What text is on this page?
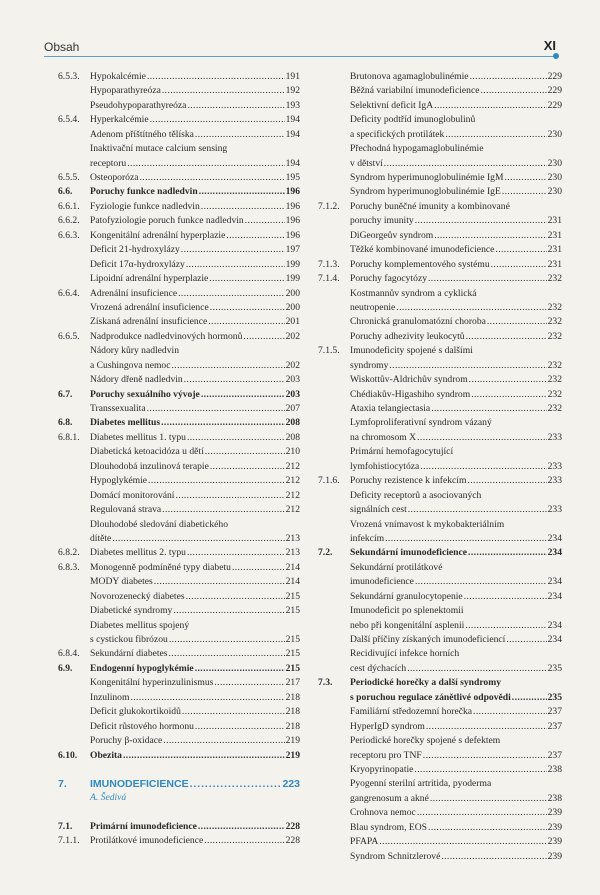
Obsah	XI
6.5.3.	Hypokalcémie . . .	191
Hypoparathyreóza . . .	192
Pseudohypoparathyreóza . . .	193
6.5.4.	Hyperkalcémie . . .	194
Adenom příštítného tělíska . . .	194
Inaktivační mutace calcium sensing
receptoru . . .	194
6.5.5.	Osteoporóza . . .	195
6.6.	Poruchy funkce nadledvin . . .	196
6.6.1.	Fyziologie funkce nadledvin . . .	196
6.6.2.	Patofyziologie poruch funkce nadledvin . . .	196
6.6.3.	Kongenitální adrenální hyperplazie . . .	196
Deficit 21-hydroxylázy . . .	197
Deficit 17α-hydroxylázy . . .	199
Lipoidní adrenální hyperplazie . . .	199
6.6.4.	Adrenální insuficience . . .	200
Vrozená adrenální insuficience . . .	200
Získaná adrenální insuficience . . .	201
6.6.5.	Nadprodukce nadledvinových hormonů . . .	202
Nádory kůry nadledvin
a Cushingova nemoc . . .	202
Nádory dřeně nadledvin . . .	203
6.7.	Poruchy sexuálního vývoje . . .	203
Transsexualita . . .	207
6.8.	Diabetes mellitus . . .	208
6.8.1.	Diabetes mellitus 1. typu . . .	208
Diabetická ketoacidóza u dětí . . .	210
Dlouhodobá inzulinová terapie . . .	212
Hypoglykémie . . .	212
Domácí monitorování . . .	212
Regulovaná strava . . .	212
Dlouhodobé sledování diabetického
dítěte . . .	213
6.8.2.	Diabetes mellitus 2. typu . . .	213
6.8.3.	Monogenně podmíněné typy diabetu . . .	214
MODY diabetes . . .	214
Novorozenecký diabetes . . .	215
Diabetické syndromy . . .	215
Diabetes mellitus spojený
s cystickou fibrózou . . .	215
6.8.4.	Sekundární diabetes . . .	215
6.9.	Endogenní hypoglykémie . . .	215
Kongenitální hyperinzulinismus . . .	217
Inzulinom . . .	218
Deficit glukokortikoidů . . .	218
Deficit růstového hormonu . . .	218
Poruchy β-oxidace . . .	219
6.10.	Obezita . . .	219
7.	IMUNODEFICIENCE . . .	223
A. Šedivá
7.1.	Primární imunodeficience . . .	228
7.1.1.	Protilátkové imunodeficience . . .	228
Brutonova agamaglobulinémie . . .	229
Běžná variabilní imunodeficience . . .	229
Selektivní deficit IgA . . .	229
Deficity podtříd imunoglobulinů
a specifických protilátek . . .	230
Přechodná hypogamaglobulinémie
v dětství . . .	230
Syndrom hyperimunoglobulinémie IgM . . .	230
Syndrom hyperimunoglobulinémie IgE . . .	230
7.1.2.	Poruchy buněčné imunity a kombinované
poruchy imunity . . .	231
DiGeorgeův syndrom . . .	231
Těžké kombinované imunodeficience . . .	231
7.1.3.	Poruchy komplementového systému . . .	231
7.1.4.	Poruchy fagocytózy . . .	232
Kostmannův syndrom a cyklická
neutropenie . . .	232
Chronická granulomatózní choroba . . .	232
Poruchy adhezivity leukocytů . . .	232
7.1.5.	Imunodeficity spojené s dalšími
syndromy . . .	232
Wiskottův-Aldrichův syndrom . . .	232
Chédiakův-Higashiho syndrom . . .	232
Ataxia telangiectasia . . .	232
Lymfoproliferativní syndrom vázaný
na chromosom X . . .	233
Primární hemofagocytující
lymfohistiocytóza . . .	233
7.1.6.	Poruchy rezistence k infekcím . . .	233
Deficity receptorů a asociovaných
signálních cest . . .	233
Vrozená vnímavost k mykobakteriálním
infekcím . . .	234
7.2.	Sekundární imunodeficience . . .	234
Sekundární protilátkové
imunodeficience . . .	234
Sekundární granulocytopenie . . .	234
Imunodeficit po splenektomii
nebo při kongenitální asplenii . . .	234
Další příčiny získaných imunodeficiencí . . .	234
Recidivující infekce horních
cest dýchacích . . .	235
7.3.	Periodické horečky a další syndromy
s poruchou regulace zánětlivé odpovědi . . .	235
Familiární středozemní horečka . . .	237
HyperIgD syndrom . . .	237
Periodické horečky spojené s defektem
receptoru pro TNF . . .	237
Kryopyrinopatie . . .	238
Pyogenní sterilní artritida, pyoderma
gangrenosum a akné . . .	238
Crohnova nemoc . . .	239
Blau syndrom, EOS . . .	239
PFAPA . . .	239
Syndrom Schnitzlerové . . .	239
